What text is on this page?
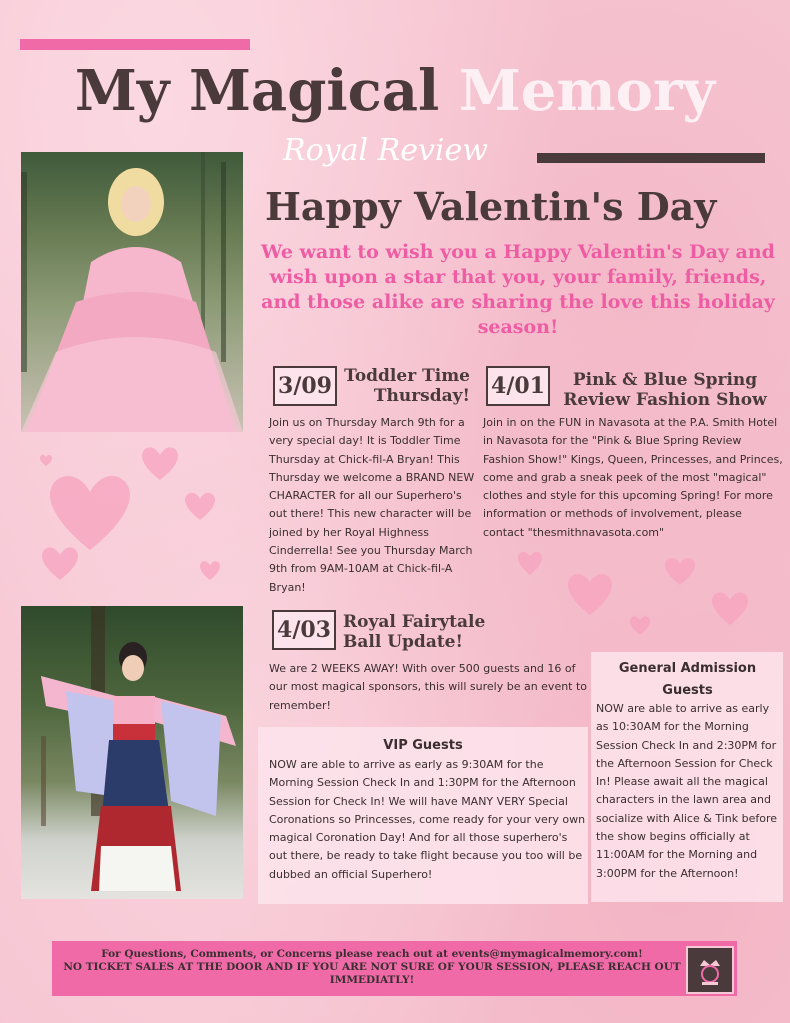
My Magical Memory
Royal Review
Happy Valentin's Day
We want to wish you a Happy Valentin's Day and wish upon a star that you, your family, friends, and those alike are sharing the love this holiday season!
3/09 Toddler Time
Thursday!
Join us on Thursday March 9th for a very special day! It is Toddler Time Thursday at Chick-fil-A Bryan! This Thursday we welcome a BRAND NEW CHARACTER for all our Superhero's out there! This new character will be joined by her Royal Highness Cinderrella! See you Thursday March 9th from 9AM-10AM at Chick-fil-A Bryan!
4/01	Pink & Blue Spring
Review Fashion Show
Join in on the FUN in Navasota at the P.A. Smith Hotel in Navasota for the "Pink & Blue Spring Review Fashion Show!" Kings, Queen, Princesses, and Princes, come and grab a sneak peek of the most "magical" clothes and style for this upcoming Spring! For more information or methods of involvement, please contact "thesmithnavasota.com"
4/03 Royal Fairytale
Ball Update!
We are 2 WEEKS AWAY! With over 500 guests and 16 of our most magical sponsors, this will surely be an event to remember!
VIP Guests
NOW are able to arrive as early as 9:30AM for the Morning Session Check In and 1:30PM for the Afternoon Session for Check In! We will have MANY VERY Special Coronations so Princesses, come ready for your very own magical Coronation Day! And for all those superhero's out there, be ready to take flight because you too will be dubbed an official Superhero!
General Admission Guests
NOW are able to arrive as early as 10:30AM for the Morning Session Check In and 2:30PM for the Afternoon Session for Check In! Please await all the magical characters in the lawn area and socialize with Alice & Tink before the show begins officially at 11:00AM for the Morning and 3:00PM for the Afternoon!
For Questions, Comments, or Concerns please reach out at events@mymagicalmemory.com!
NO TICKET SALES AT THE DOOR AND IF YOU ARE NOT SURE OF YOUR SESSION, PLEASE REACH OUT IMMEDIATLY!
